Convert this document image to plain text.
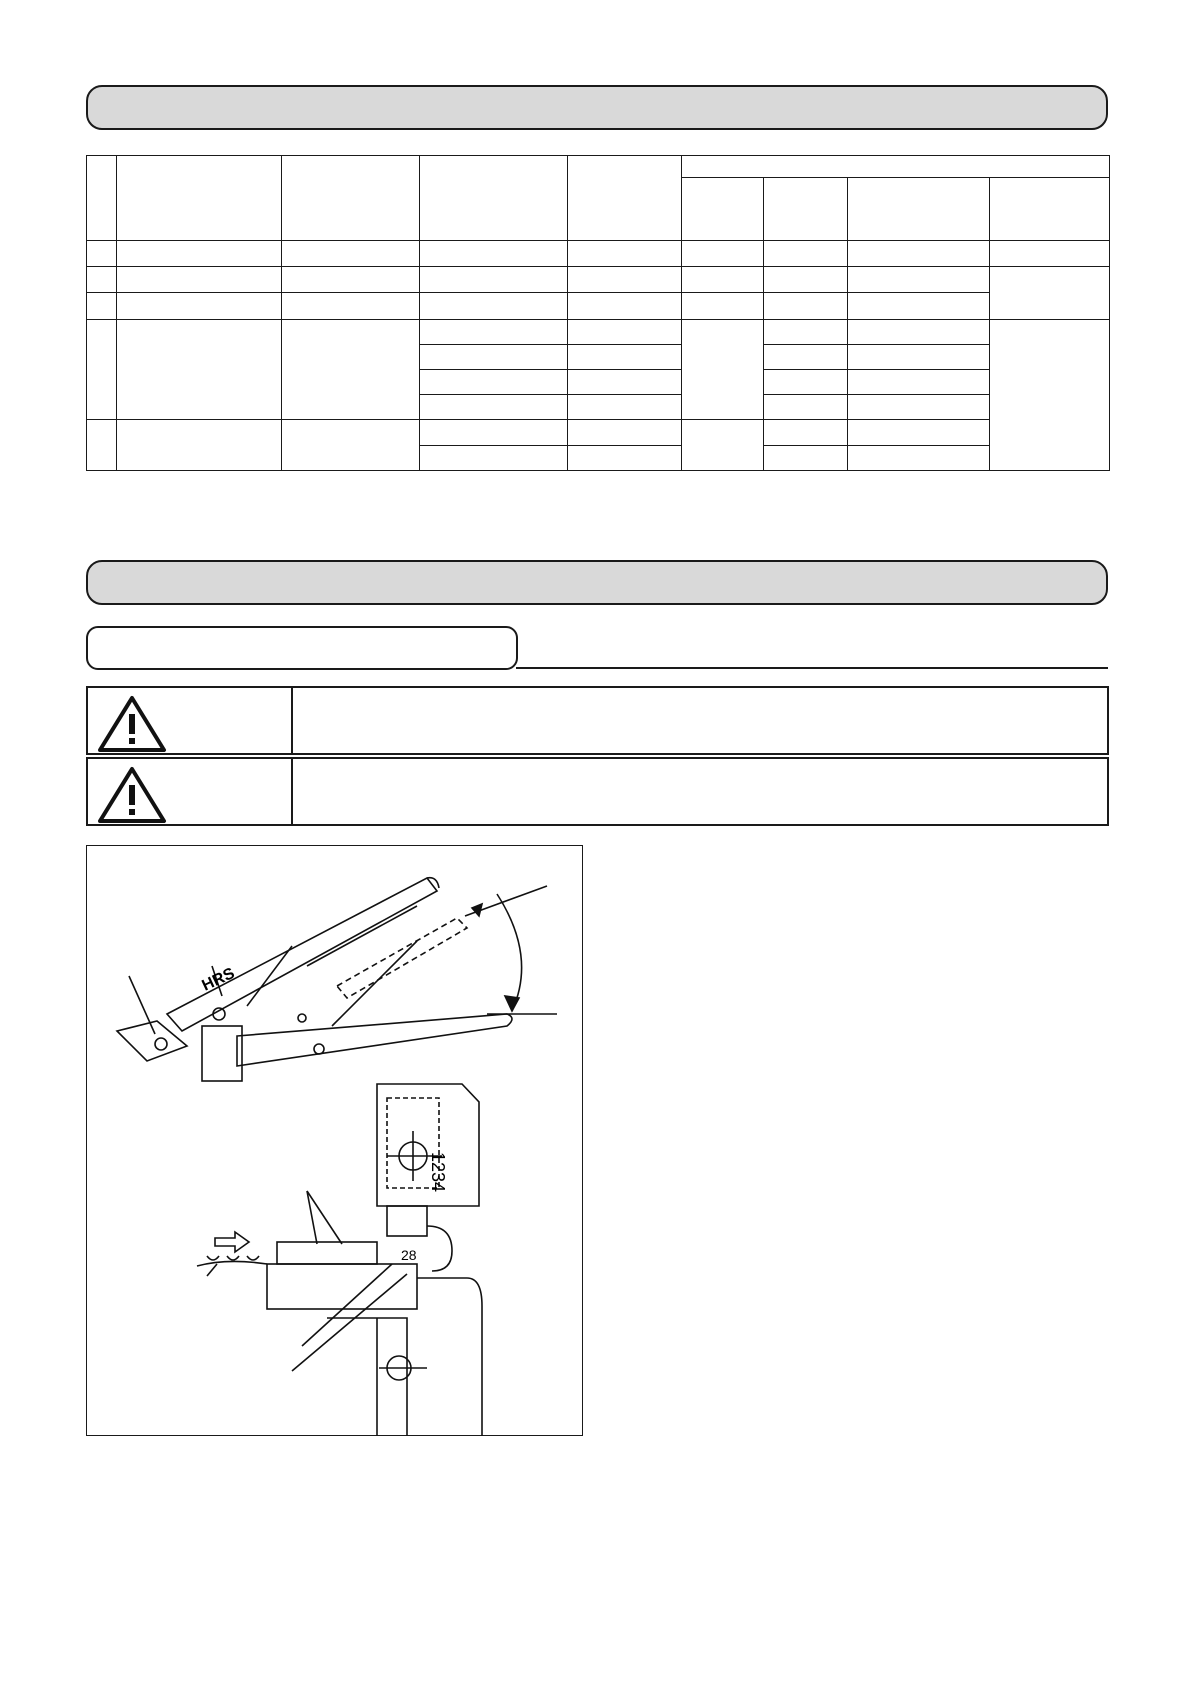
HRS
1234
28
